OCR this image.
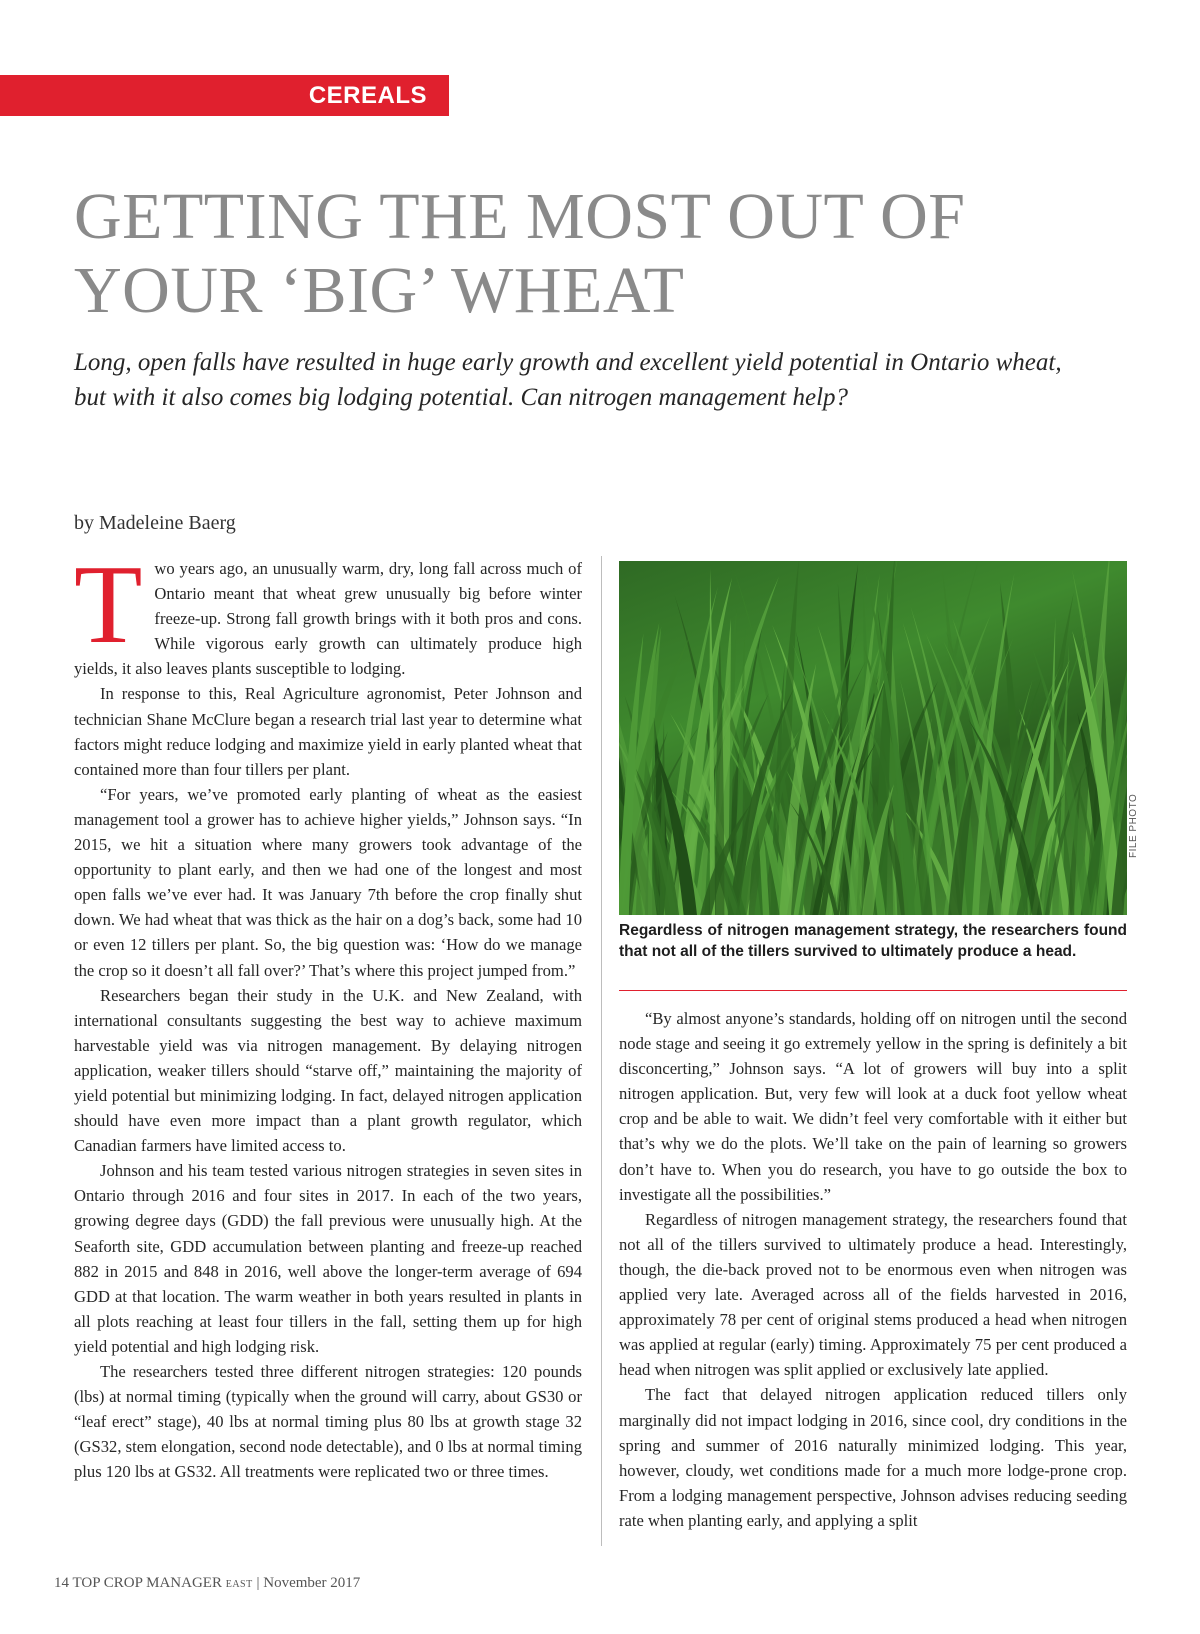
CEREALS
GETTING THE MOST OUT OF
YOUR ‘BIG’ WHEAT
Long, open falls have resulted in huge early growth and excellent yield potential in Ontario wheat,
but with it also comes big lodging potential. Can nitrogen management help?
by Madeleine Baerg

Two years ago, an unusually warm, dry, long fall across much of Ontario meant that wheat grew unusually big before winter freeze-up. Strong fall growth brings with it both pros and cons. While vigorous early growth can ultimately produce high yields, it also leaves plants susceptible to lodging.

In response to this, Real Agriculture agronomist, Peter Johnson and technician Shane McClure began a research trial last year to determine what factors might reduce lodging and maximize yield in early planted wheat that contained more than four tillers per plant.

“For years, we’ve promoted early planting of wheat as the easiest management tool a grower has to achieve higher yields,” Johnson says. “In 2015, we hit a situation where many growers took advantage of the opportunity to plant early, and then we had one of the longest and most open falls we’ve ever had. It was January 7th before the crop finally shut down. We had wheat that was thick as the hair on a dog’s back, some had 10 or even 12 tillers per plant. So, the big question was: ‘How do we manage the crop so it doesn’t all fall over?’ That’s where this project jumped from.”

Researchers began their study in the U.K. and New Zealand, with international consultants suggesting the best way to achieve maximum harvestable yield was via nitrogen management. By delaying nitrogen application, weaker tillers should “starve off,” maintaining the majority of yield potential but minimizing lodging. In fact, delayed nitrogen application should have even more impact than a plant growth regulator, which Canadian farmers have limited access to.

Johnson and his team tested various nitrogen strategies in seven sites in Ontario through 2016 and four sites in 2017. In each of the two years, growing degree days (GDD) the fall previous were unusually high. At the Seaforth site, GDD accumulation between planting and freeze-up reached 882 in 2015 and 848 in 2016, well above the longer-term average of 694 GDD at that location. The warm weather in both years resulted in plants in all plots reaching at least four tillers in the fall, setting them up for high yield potential and high lodging risk.

The researchers tested three different nitrogen strategies: 120 pounds (lbs) at normal timing (typically when the ground will carry, about GS30 or “leaf erect” stage), 40 lbs at normal timing plus 80 lbs at growth stage 32 (GS32, stem elongation, second node detectable), and 0 lbs at normal timing plus 120 lbs at GS32. All treatments were replicated two or three times.

FILE PHOTO
Regardless of nitrogen management strategy, the researchers found that not all of the tillers survived to ultimately produce a head.

“By almost anyone’s standards, holding off on nitrogen until the second node stage and seeing it go extremely yellow in the spring is definitely a bit disconcerting,” Johnson says. “A lot of growers will buy into a split nitrogen application. But, very few will look at a duck foot yellow wheat crop and be able to wait. We didn’t feel very comfortable with it either but that’s why we do the plots. We’ll take on the pain of learning so growers don’t have to. When you do research, you have to go outside the box to investigate all the possibilities.”

Regardless of nitrogen management strategy, the researchers found that not all of the tillers survived to ultimately produce a head. Interestingly, though, the die-back proved not to be enormous even when nitrogen was applied very late. Averaged across all of the fields harvested in 2016, approximately 78 per cent of original stems produced a head when nitrogen was applied at regular (early) timing. Approximately 75 per cent produced a head when nitrogen was split applied or exclusively late applied.

The fact that delayed nitrogen application reduced tillers only marginally did not impact lodging in 2016, since cool, dry conditions in the spring and summer of 2016 naturally minimized lodging. This year, however, cloudy, wet conditions made for a much more lodge-prone crop. From a lodging management perspective, Johnson advises reducing seeding rate when planting early, and applying a split

14 TOP CROP MANAGER EAST | November 2017
